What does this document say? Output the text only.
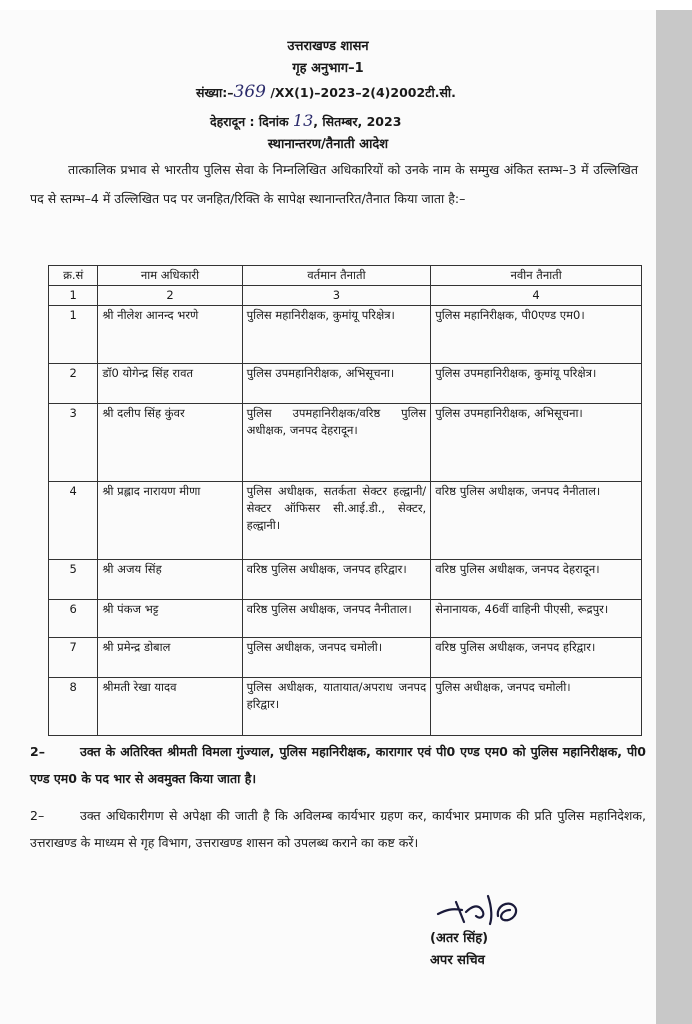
उत्तराखण्ड शासन
गृह अनुभाग–1
संख्या:–369 /XX(1)–2023–2(4)2002टी.सी.
देहरादून : दिनांक 13, सितम्बर, 2023
स्थानान्तरण/तैनाती आदेश
तात्कालिक प्रभाव से भारतीय पुलिस सेवा के निम्नलिखित अधिकारियों को उनके नाम के सम्मुख अंकित स्तम्भ–3 में उल्लिखित पद से स्तम्भ–4 में उल्लिखित पद पर जनहित/रिक्ति के सापेक्ष स्थानान्तरित/तैनात किया जाता है:–
क्र.सं	नाम अधिकारी	वर्तमान तैनाती	नवीन तैनाती
1	2	3	4
1	श्री नीलेश आनन्द भरणे	पुलिस महानिरीक्षक, कुमांयू परिक्षेत्र।	पुलिस महानिरीक्षक, पी0एण्ड एम0।
2	डॉ0 योगेन्द्र सिंह रावत	पुलिस उपमहानिरीक्षक, अभिसूचना।	पुलिस उपमहानिरीक्षक, कुमांयू परिक्षेत्र।
3	श्री दलीप सिंह कुंवर	पुलिस उपमहानिरीक्षक/वरिष्ठ पुलिस अधीक्षक, जनपद देहरादून।	पुलिस उपमहानिरीक्षक, अभिसूचना।
4	श्री प्रह्लाद नारायण मीणा	पुलिस अधीक्षक, सतर्कता सेक्टर हल्द्वानी/सेक्टर ऑफिसर सी.आई.डी., सेक्टर, हल्द्वानी।	वरिष्ठ पुलिस अधीक्षक, जनपद नैनीताल।
5	श्री अजय सिंह	वरिष्ठ पुलिस अधीक्षक, जनपद हरिद्वार।	वरिष्ठ पुलिस अधीक्षक, जनपद देहरादून।
6	श्री पंकज भट्ट	वरिष्ठ पुलिस अधीक्षक, जनपद नैनीताल।	सेनानायक, 46वीं वाहिनी पीएसी, रूद्रपुर।
7	श्री प्रमेन्द्र डोबाल	पुलिस अधीक्षक, जनपद चमोली।	वरिष्ठ पुलिस अधीक्षक, जनपद हरिद्वार।
8	श्रीमती रेखा यादव	पुलिस अधीक्षक, यातायात/अपराध जनपद हरिद्वार।	पुलिस अधीक्षक, जनपद चमोली।
2–	उक्त के अतिरिक्त श्रीमती विमला गुंज्याल, पुलिस महानिरीक्षक, कारागार एवं पी0 एण्ड एम0 को पुलिस महानिरीक्षक, पी0 एण्ड एम0 के पद भार से अवमुक्त किया जाता है।
2–	उक्त अधिकारीगण से अपेक्षा की जाती है कि अविलम्ब कार्यभार ग्रहण कर, कार्यभार प्रमाणक की प्रति पुलिस महानिदेशक, उत्तराखण्ड के माध्यम से गृह विभाग, उत्तराखण्ड शासन को उपलब्ध कराने का कष्ट करें।
(अतर सिंह)
अपर सचिव
